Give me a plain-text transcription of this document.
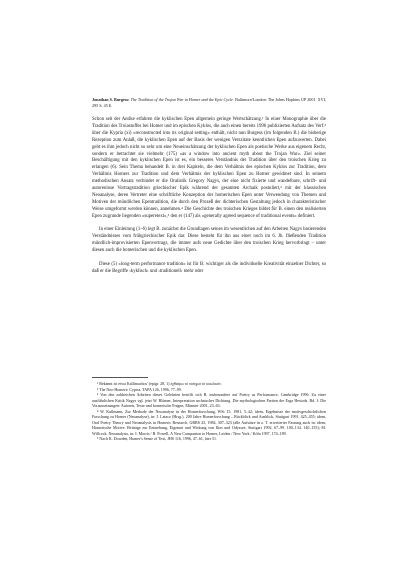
Jonathan S. Burgess: The Tradition of the Trojan War in Homer and the Epic Cycle. Baltimore/London: The Johns Hopkins UP 2001. XVI, 295 S. 45 $.

Schon seit der Antike erfahren die kyklischen Epen allgemein geringe Wertschätzung.¹ In einer Monographie über die Tradition des Troiastoffes bei Homer und im epischen Kyklos, die auch einen bereits 1996 publizierten Aufsatz des Verf.² über die Kypria (xi) »reconstructed into its original setting« enthält, nicht nun Burgess (im folgenden B.) die bisherige Rezeption zum Anlaß, die kyklischen Epen auf der Basis der wenigen Verszitate kenntlichen Epen aufzuwerten. Dabei geht es ihm jedoch nicht so sehr um eine Neueinschätzung der kyklischen Epen als poetische Werke aus eigenem Recht, sondern er betrachtet sie vielmehr (175) »as a window into ancient myth about the Trojan War«. Ziel seiner Beschäftigung mit den kyklischen Epen ist es, ein besseres Verständnis der Tradition über den troischen Krieg zu erlangen (6). Sein Thema behandelt B. in drei Kapiteln, die dem Verhältnis des epischen Kyklos zur Tradition, dem Verhältnis Homers zur Tradition und dem Verhältnis der kyklischen Epen zu Homer gewidmet sind. In seinem methodischen Ansatz verbindet er die Oralistik Gregory Nagys, der eine nicht fixierte und wandelbare, schrift- und autorenlose Vortragstradition griechischer Epik während der gesamten Archaik postuliert,³ mit der klassischen Neoanalyse, deren Vertreter eine schriftliche Konzeption der homerischen Epen unter Verwendung von Themen und Motiven der mündlichen Epentradition, die durch den Prozeß der dichterischen Gestaltung jedoch in charakteristischer Weise umgeformt werden können, annehmen.⁴ Die Geschichte des troischen Krieges bildet für B. einen den realisierten Epen zugrunde liegenden »superetext«,⁵ den er (147) als »generally agreed sequence of traditional events« definiert.

In einer Einleitung (1–6) legt B. zunächst die Grundlagen seines im wesentlichen auf den Arbeiten Nagys basierenden Verständnisses vom frühgriechischer Epik dar. Diese besteht für ihn aus einer noch im 6. Jh. fließenden Tradition mündlich-improvisierten Epenvortrags, die immer aufs neue Gedichte über den troischen Krieg hervorbringt – unter diesen auch die homerischen und die kyklischen Epen.

Diese (5) »long-term performance tradition« ist für B. wichtiger als die individuelle Kreativität einzelner Dichter, so daß er die Begriffe ›kyklisch‹ und ›traditionell‹ mehr oder

¹ Bekannt ist etwa Kallimachos' (epigr. 28, 1) ἐχθαίρω τὸ ποίημα τὸ κυκλικόν.

² The Neo-Homeric Cypria, TAPA 126, 1996, 77–99.

³ Von den zahlreichen Arbeiten dieses Gelehrten betrifft sich B. insbesondere auf Poetry as Performance, Cambridge 1996. Zu einer ausführlichen Kritik Nagys vgl. jetzt W. Blümer, Interpretation archaischer Dichtung. Die mythologischen Partien der Erga Hesiods. Bd. I: Die Voraussetzungen: Autoren, Texte und homerische Fragen, Münster 2001, 23–63.

⁴ W. Kullmann, Zur Methode der Neoanalyse in der Homerforschung, WSt 15, 1981, 5–42; idem, Ergebnisse der motivgeschichtlichen Forschung zu Homer (Neoanalyse), in: J. Latacz (Hrsg.), 200 Jahre Homerforschung – Rückblick und Ausblick, Stuttgart 1991, 425–455; idem, Oral Poetry Theory and Neoanalysis in Homeric Research, GRBS 25, 1984, 307–323 (alle Aufsätze in z. T. erweiterter Fassung auch in: idem, Homerische Motive. Beiträge zur Entstehung, Eigenart und Wirkung von Ilias und Odyssee, Stuttgart 1992, 67–99. 100–134. 140–155); M. Willcock, Neoanalysis, in: I. Morris / B. Powell, A New Companion to Homer, Leiden / New York / Köln 1997, 174–189.

⁵ Nach K. Dowden, Homer's Sense of Text, JHS 116, 1996, 47–61, hier 51.
